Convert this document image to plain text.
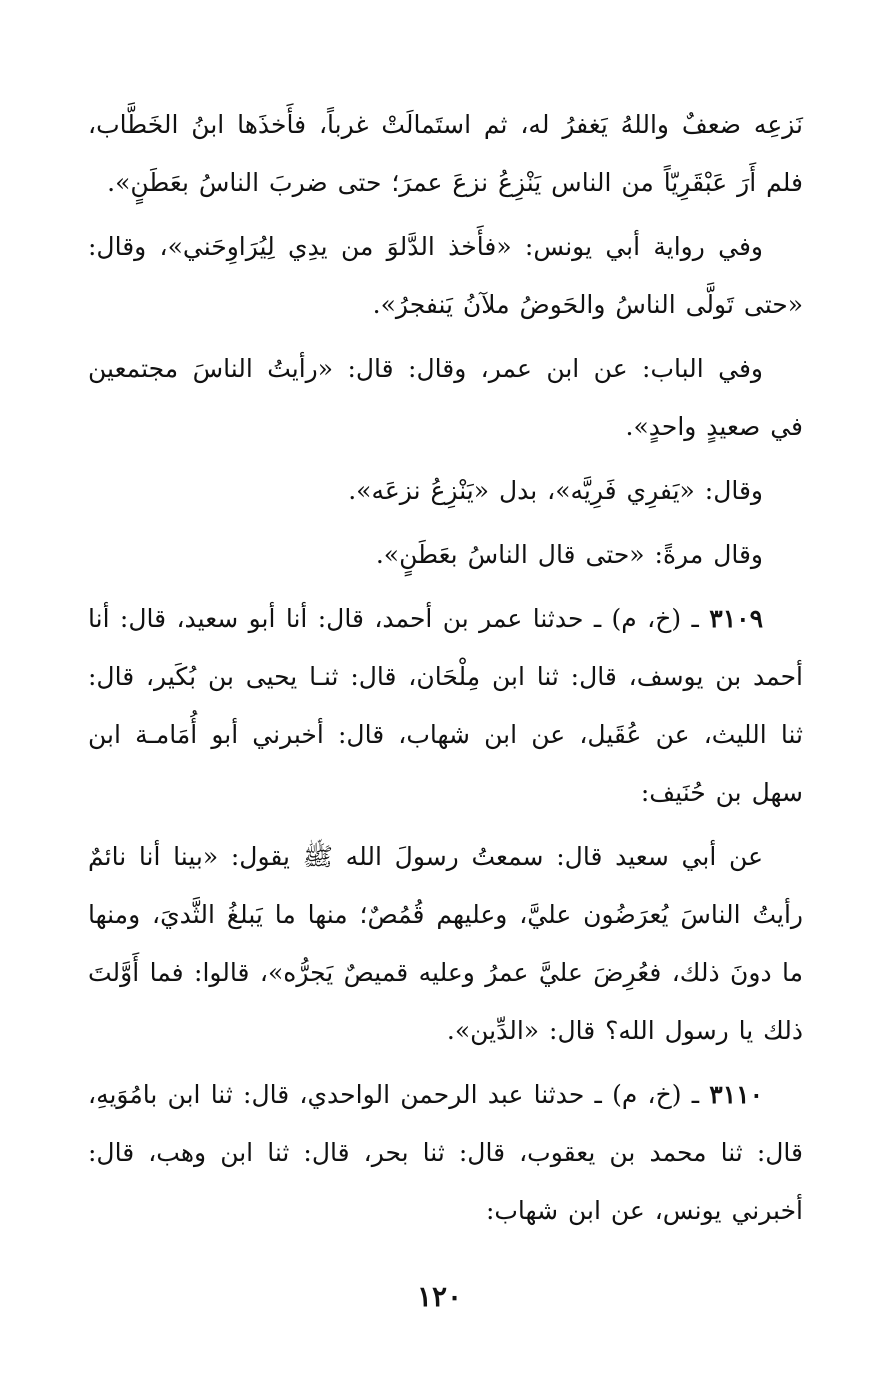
نَزعِه ضعفٌ واللهُ يَغفرُ له، ثم استَمالَتْ غرباً، فأَخذَها ابنُ الخَطَّاب، فلم أَرَ عَبْقَرِيّاً من الناس يَنْزِعُ نزعَ عمرَ؛ حتى ضربَ الناسُ بعَطَنٍ».

وفي رواية أبي يونس: «فأَخذ الدَّلوَ من يدِي لِيُرَاوِحَني»، وقال: «حتى تَولَّى الناسُ والحَوضُ ملآنُ يَنفجرُ».

وفي الباب: عن ابن عمر، وقال: قال: «رأيتُ الناسَ مجتمعين في صعيدٍ واحدٍ».

وقال: «يَفرِي فَرِيَّه»، بدل «يَنْزِعُ نزعَه».

وقال مرةً: «حتى قال الناسُ بعَطَنٍ».

٣١٠٩ ـ (خ، م) ـ حدثنا عمر بن أحمد، قال: أنا أبو سعيد، قال: أنا أحمد بن يوسف، قال: ثنا ابن مِلْحَان، قال: ثنـا يحيى بن بُكَير، قال: ثنا الليث، عن عُقَيل، عن ابن شهاب، قال: أخبرني أبو أُمَامـة ابن سهل بن حُنَيف:

عن أبي سعيد قال: سمعتُ رسولَ الله ﷺ يقول: «بينا أنا نائمٌ رأيتُ الناسَ يُعرَضُون عليَّ، وعليهم قُمُصٌ؛ منها ما يَبلغُ الثَّديَ، ومنها ما دونَ ذلك، فعُرِضَ عليَّ عمرُ وعليه قميصٌ يَجرُّه»، قالوا: فما أَوَّلتَ ذلك يا رسول الله؟ قال: «الدِّين».

٣١١٠ ـ (خ، م) ـ حدثنا عبد الرحمن الواحدي، قال: ثنا ابن بامُوَيهِ، قال: ثنا محمد بن يعقوب، قال: ثنا بحر، قال: ثنا ابن وهب، قال: أخبرني يونس، عن ابن شهاب:

١٢٠
